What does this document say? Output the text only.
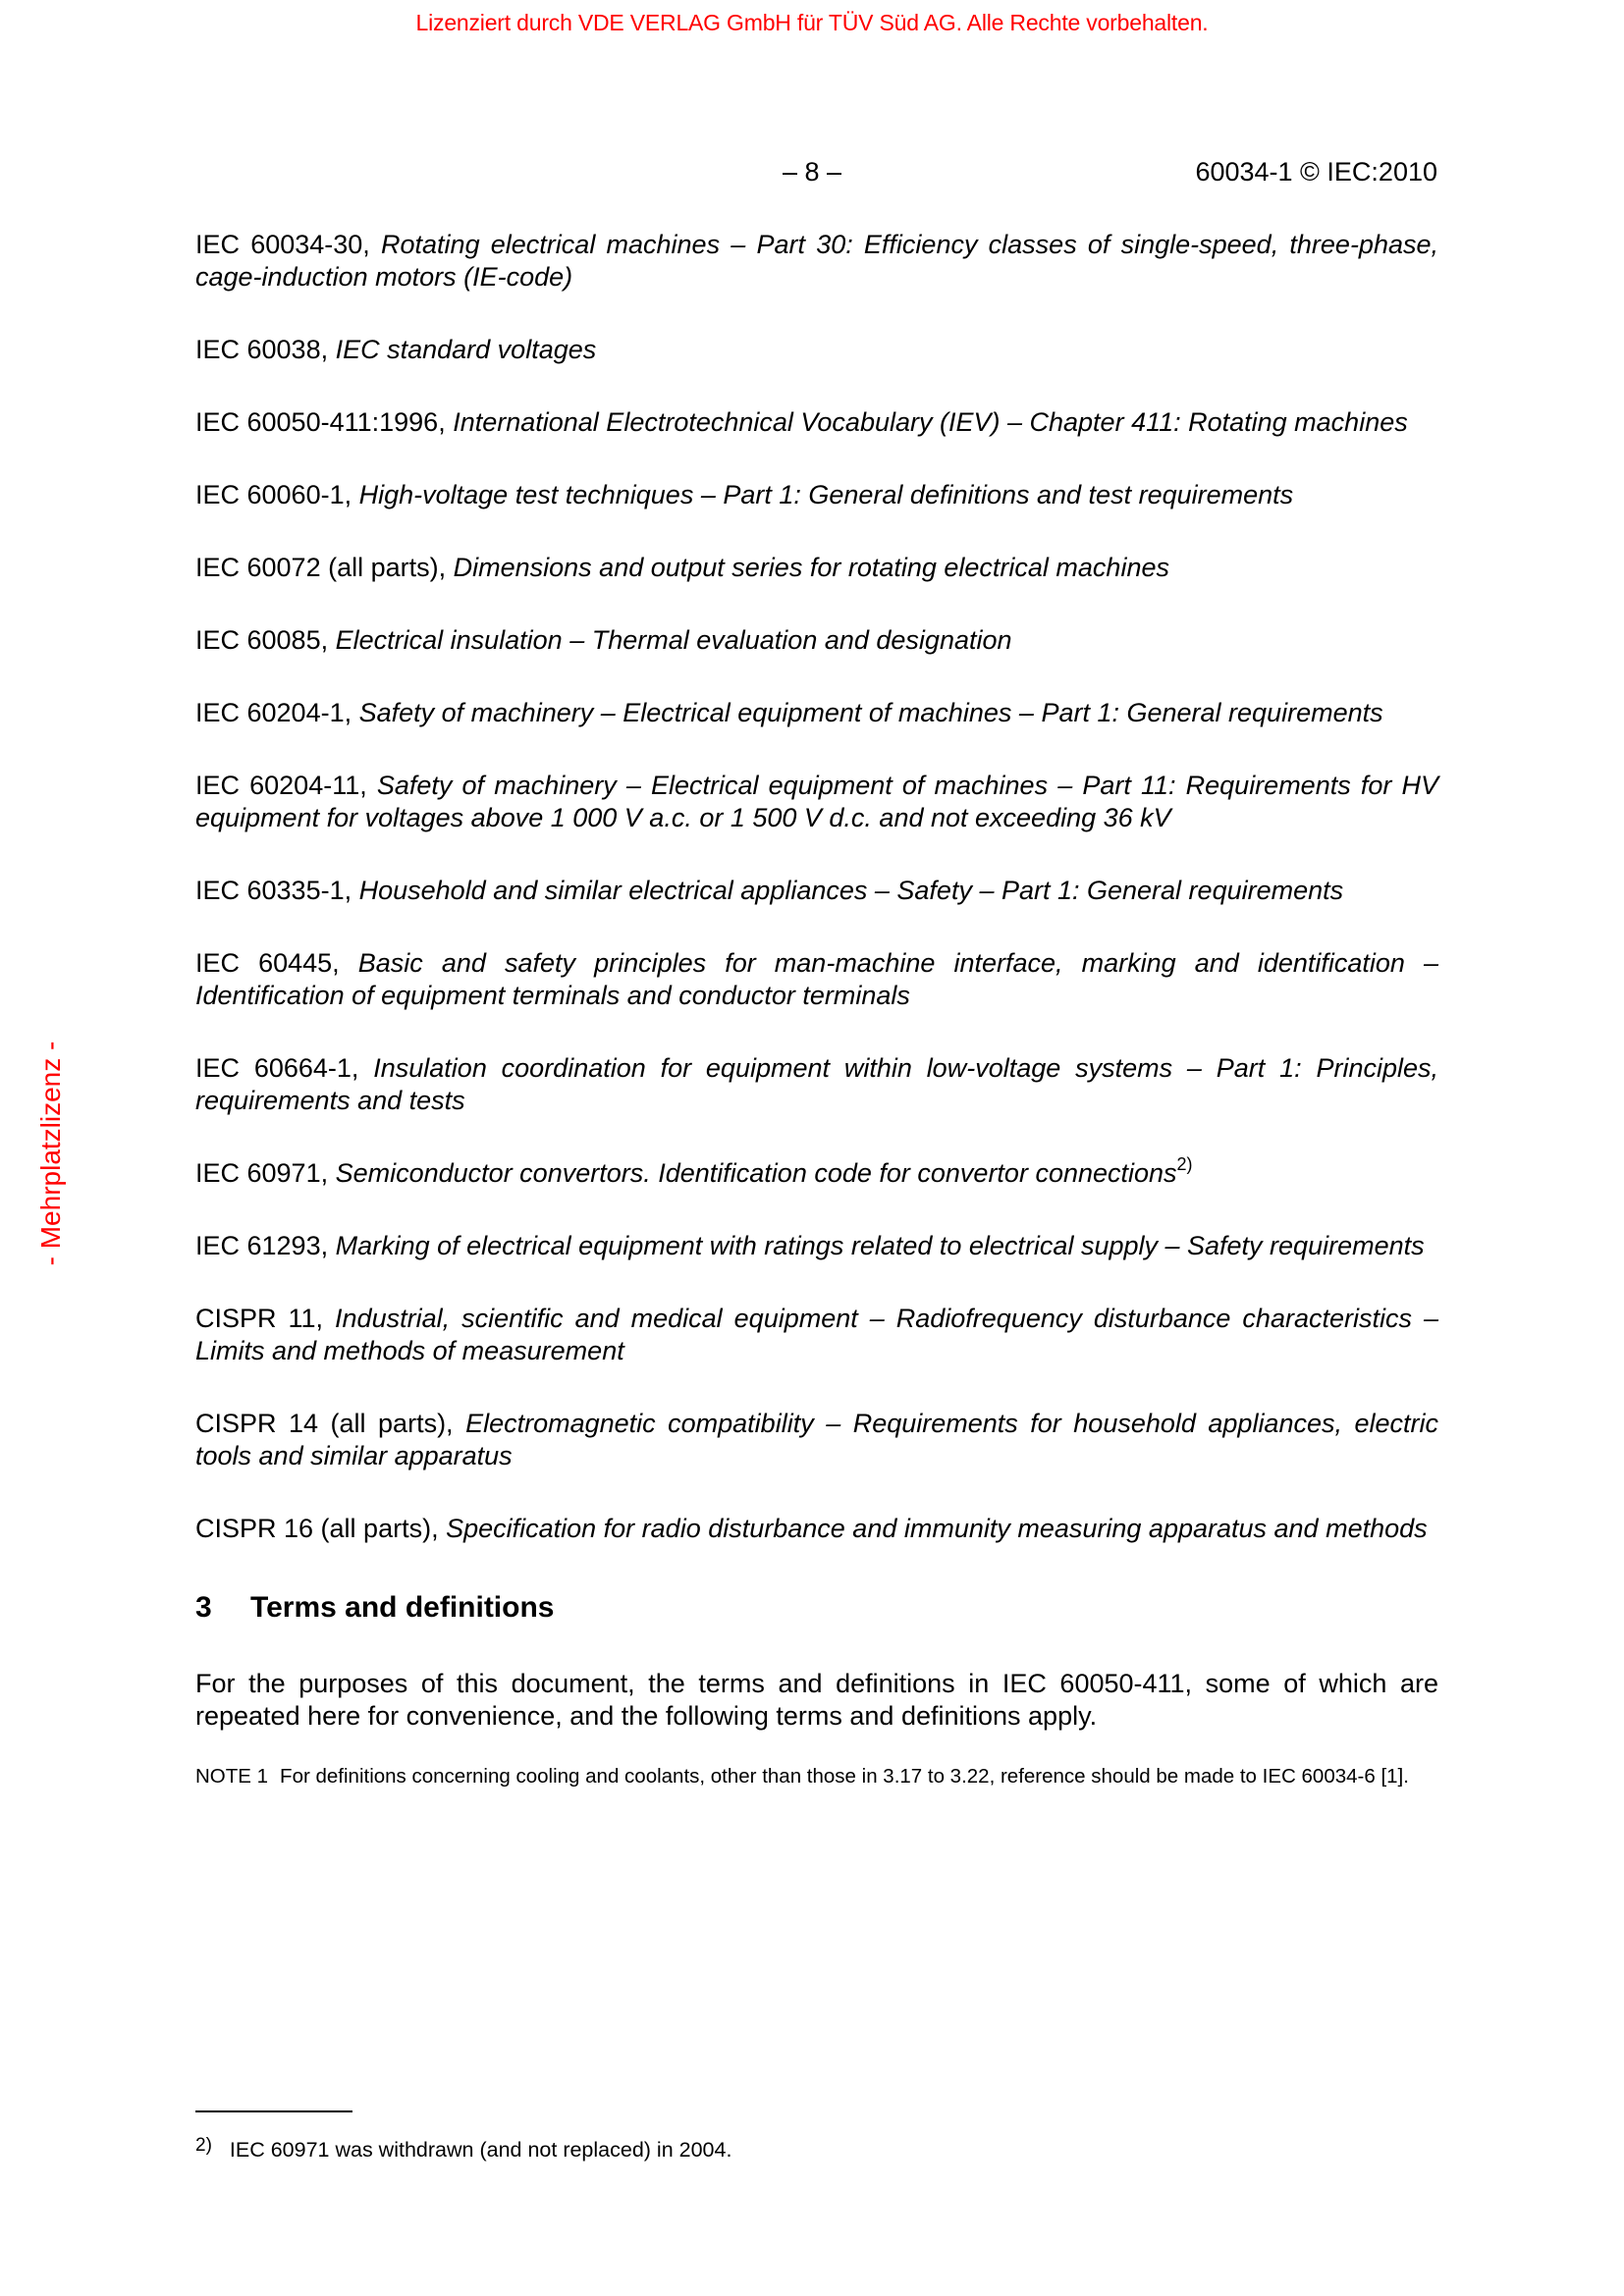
Lizenziert durch VDE VERLAG GmbH für TÜV Süd AG. Alle Rechte vorbehalten.
- Mehrplatzlizenz -
– 8 –	60034-1 © IEC:2010

IEC 60034-30, Rotating electrical machines – Part 30: Efficiency classes of single-speed, three-phase, cage-induction motors (IE-code)

IEC 60038, IEC standard voltages

IEC 60050-411:1996, International Electrotechnical Vocabulary (IEV) – Chapter 411: Rotating machines

IEC 60060-1, High-voltage test techniques – Part 1: General definitions and test requirements

IEC 60072 (all parts), Dimensions and output series for rotating electrical machines

IEC 60085, Electrical insulation – Thermal evaluation and designation

IEC 60204-1, Safety of machinery – Electrical equipment of machines – Part 1: General requirements

IEC 60204-11, Safety of machinery – Electrical equipment of machines – Part 11: Requirements for HV equipment for voltages above 1 000 V a.c. or 1 500 V d.c. and not exceeding 36 kV

IEC 60335-1, Household and similar electrical appliances – Safety – Part 1: General requirements

IEC 60445, Basic and safety principles for man-machine interface, marking and identification – Identification of equipment terminals and conductor terminals

IEC 60664-1, Insulation coordination for equipment within low-voltage systems – Part 1: Principles, requirements and tests

IEC 60971, Semiconductor convertors. Identification code for convertor connections$^{2)}$

IEC 61293, Marking of electrical equipment with ratings related to electrical supply – Safety requirements

CISPR 11, Industrial, scientific and medical equipment – Radiofrequency disturbance characteristics – Limits and methods of measurement

CISPR 14 (all parts), Electromagnetic compatibility – Requirements for household appliances, electric tools and similar apparatus

CISPR 16 (all parts), Specification for radio disturbance and immunity measuring apparatus and methods

3	Terms and definitions

For the purposes of this document, the terms and definitions in IEC 60050-411, some of which are repeated here for convenience, and the following terms and definitions apply.

NOTE 1 For definitions concerning cooling and coolants, other than those in 3.17 to 3.22, reference should be made to IEC 60034-6 [1].

$^{2)}$ IEC 60971 was withdrawn (and not replaced) in 2004.
